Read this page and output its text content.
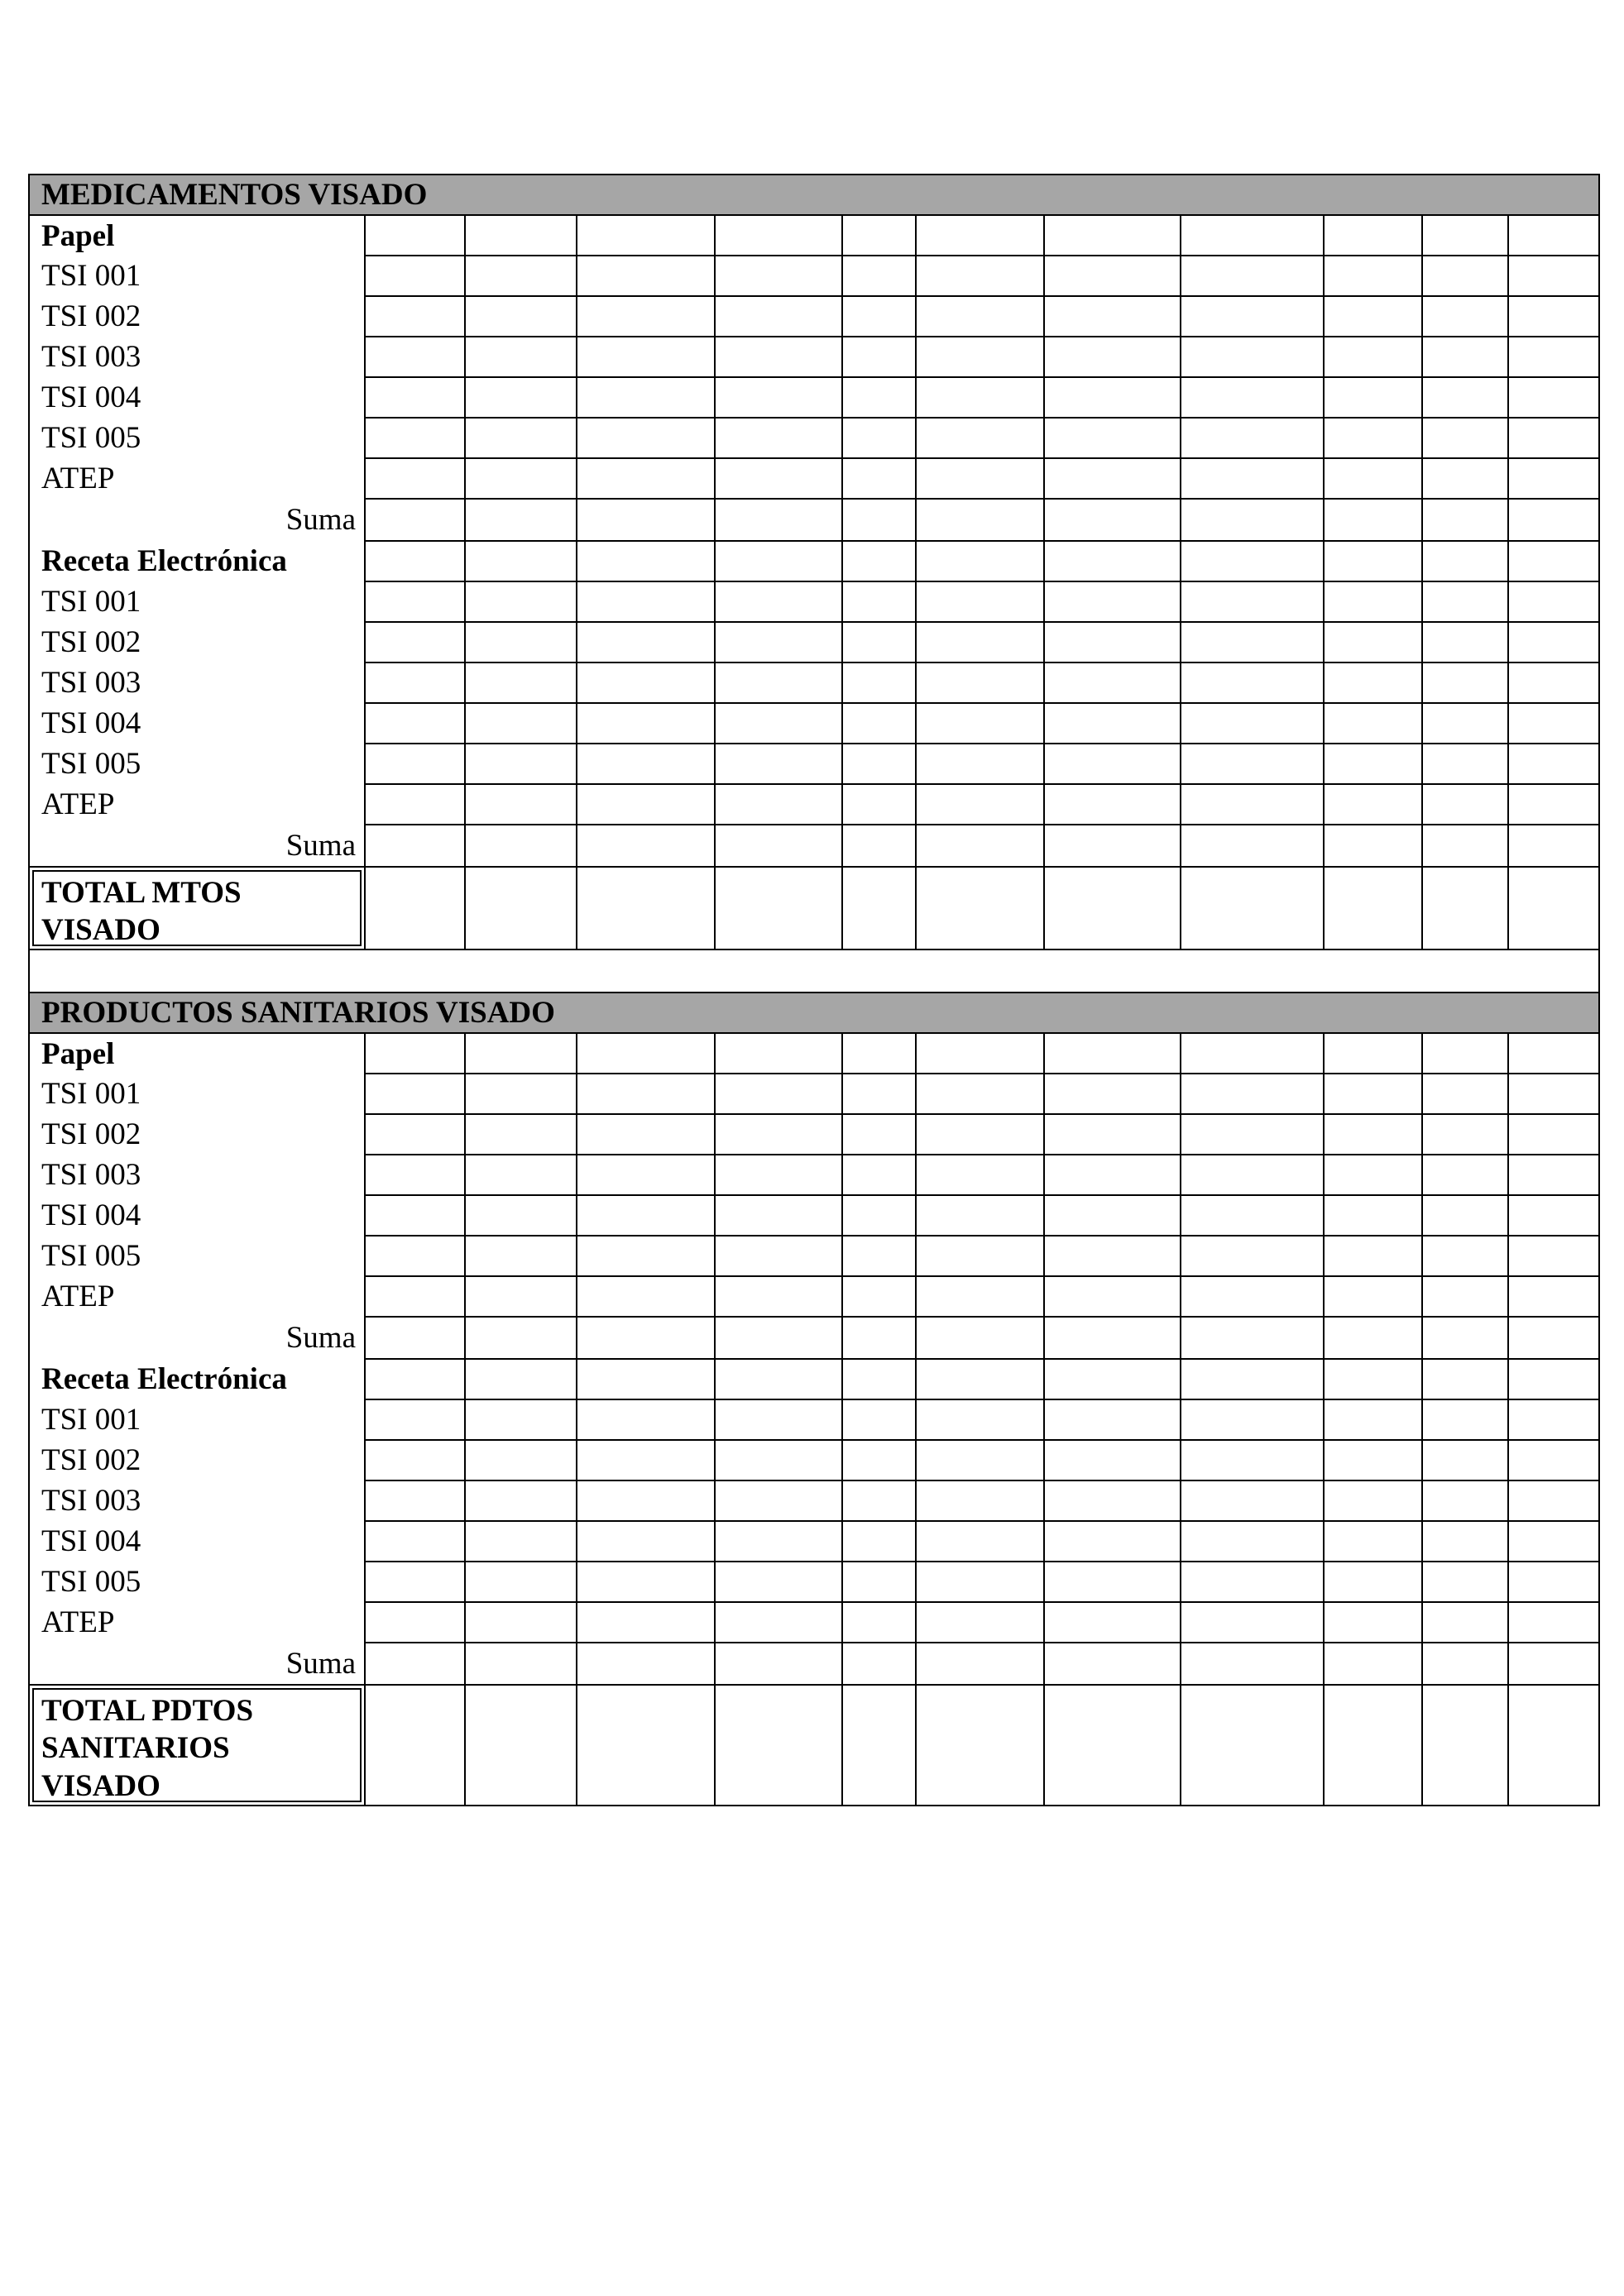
MEDICAMENTOS VISADO											
Papel											
TSI 001											
TSI 002											
TSI 003											
TSI 004											
TSI 005											
ATEP											
Suma											
Receta Electrónica											
TSI 001											
TSI 002											
TSI 003											
TSI 004											
TSI 005											
ATEP											
Suma											

TOTAL MTOS
VISADO											

PRODUCTOS SANITARIOS VISADO											
Papel											
TSI 001											
TSI 002											
TSI 003											
TSI 004											
TSI 005											
ATEP											
Suma											
Receta Electrónica											
TSI 001											
TSI 002											
TSI 003											
TSI 004											
TSI 005											
ATEP											
Suma											

TOTAL PDTOS
SANITARIOS
VISADO											
